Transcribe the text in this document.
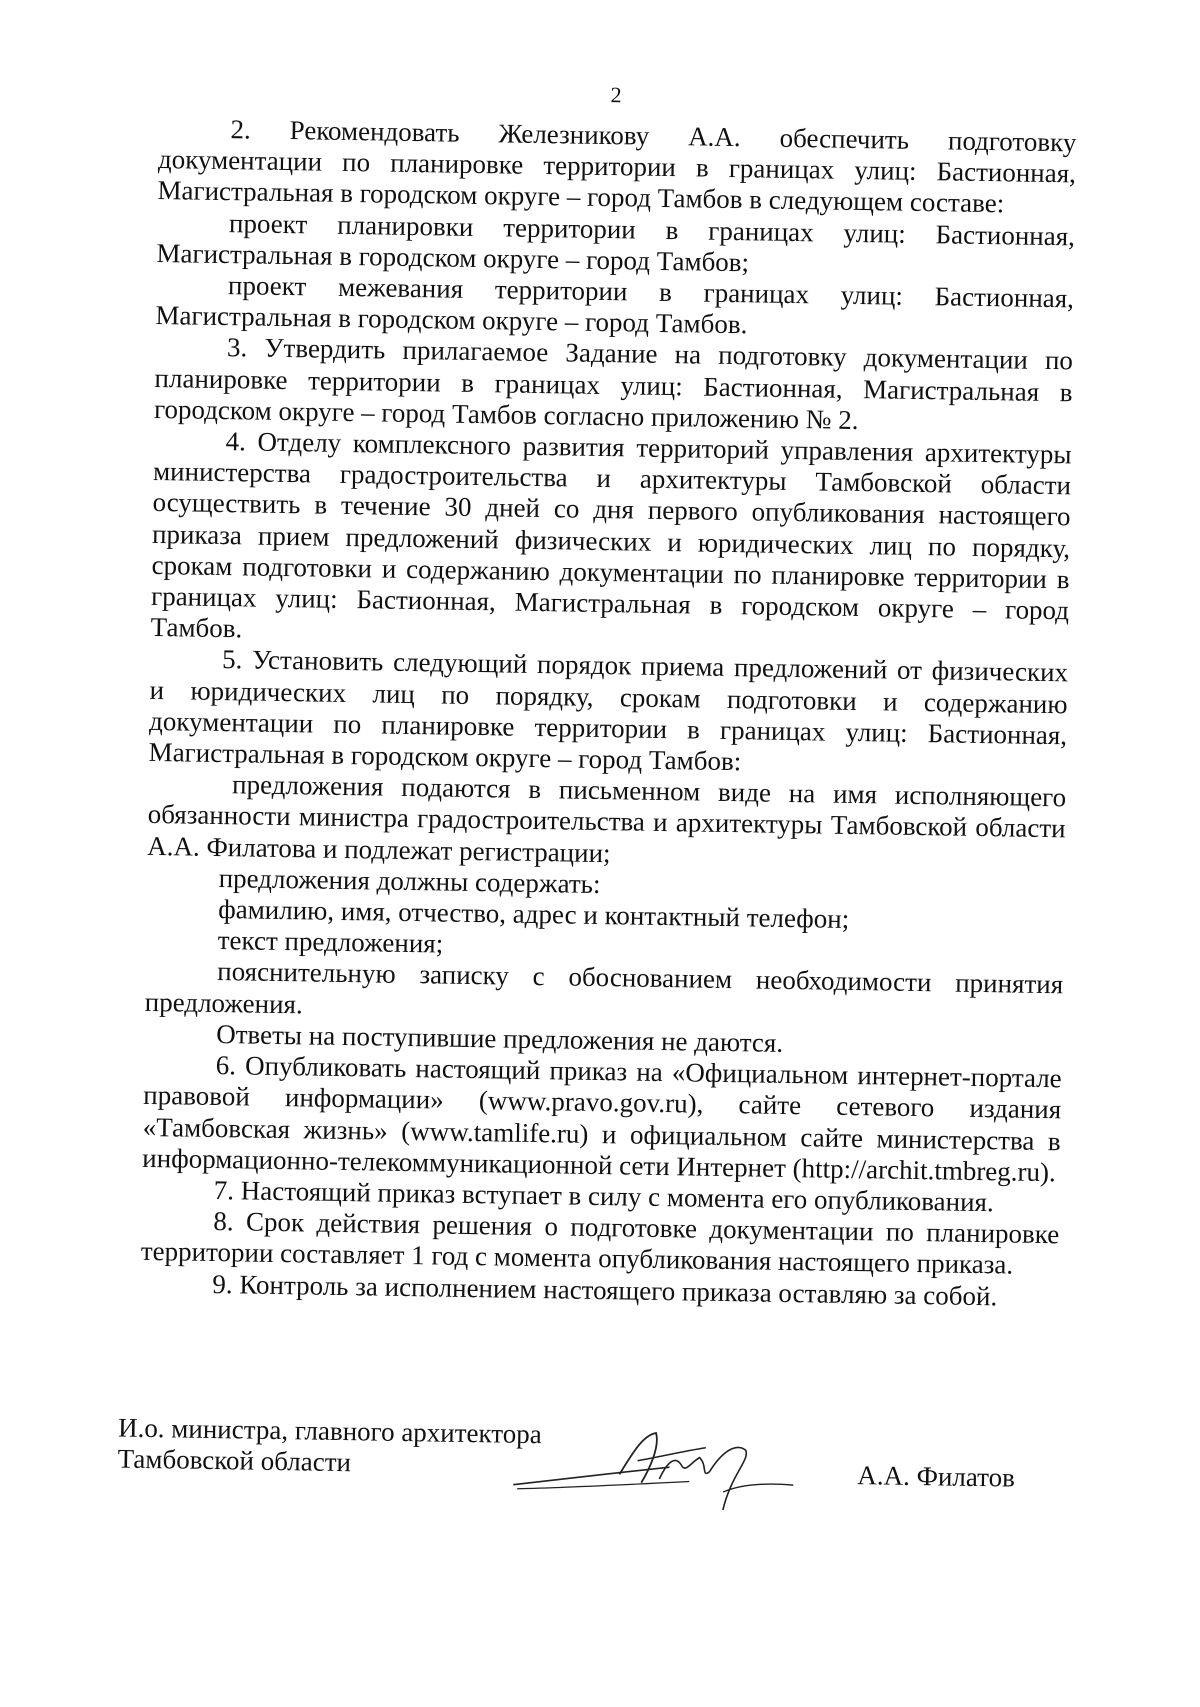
2

2. Рекомендовать Железникову А.А. обеспечить подготовку документации по планировке территории в границах улиц: Бастионная, Магистральная в городском округе – город Тамбов в следующем составе:

проект планировки территории в границах улиц: Бастионная, Магистральная в городском округе – город Тамбов;

проект межевания территории в границах улиц: Бастионная, Магистральная в городском округе – город Тамбов.

3. Утвердить прилагаемое Задание на подготовку документации по планировке территории в границах улиц: Бастионная, Магистральная в городском округе – город Тамбов согласно приложению № 2.

4. Отделу комплексного развития территорий управления архитектуры министерства градостроительства и архитектуры Тамбовской области осуществить в течение 30 дней со дня первого опубликования настоящего приказа прием предложений физических и юридических лиц по порядку, срокам подготовки и содержанию документации по планировке территории в границах улиц: Бастионная, Магистральная в городском округе – город Тамбов.

5. Установить следующий порядок приема предложений от физических и юридических лиц по порядку, срокам подготовки и содержанию документации по планировке территории в границах улиц: Бастионная, Магистральная в городском округе – город Тамбов:

предложения подаются в письменном виде на имя исполняющего обязанности министра градостроительства и архитектуры Тамбовской области А.А. Филатова и подлежат регистрации;

предложения должны содержать:

фамилию, имя, отчество, адрес и контактный телефон;

текст предложения;

пояснительную записку с обоснованием необходимости принятия предложения.

Ответы на поступившие предложения не даются.

6. Опубликовать настоящий приказ на «Официальном интернет-портале правовой информации» (www.pravo.gov.ru), сайте сетевого издания «Тамбовская жизнь» (www.tamlife.ru) и официальном сайте министерства в информационно-телекоммуникационной сети Интернет (http://archit.tmbreg.ru).

7. Настоящий приказ вступает в силу с момента его опубликования.

8. Срок действия решения о подготовке документации по планировке территории составляет 1 год с момента опубликования настоящего приказа.

9. Контроль за исполнением настоящего приказа оставляю за собой.

И.о. министра, главного архитектора
Тамбовской области	А.А. Филатов
